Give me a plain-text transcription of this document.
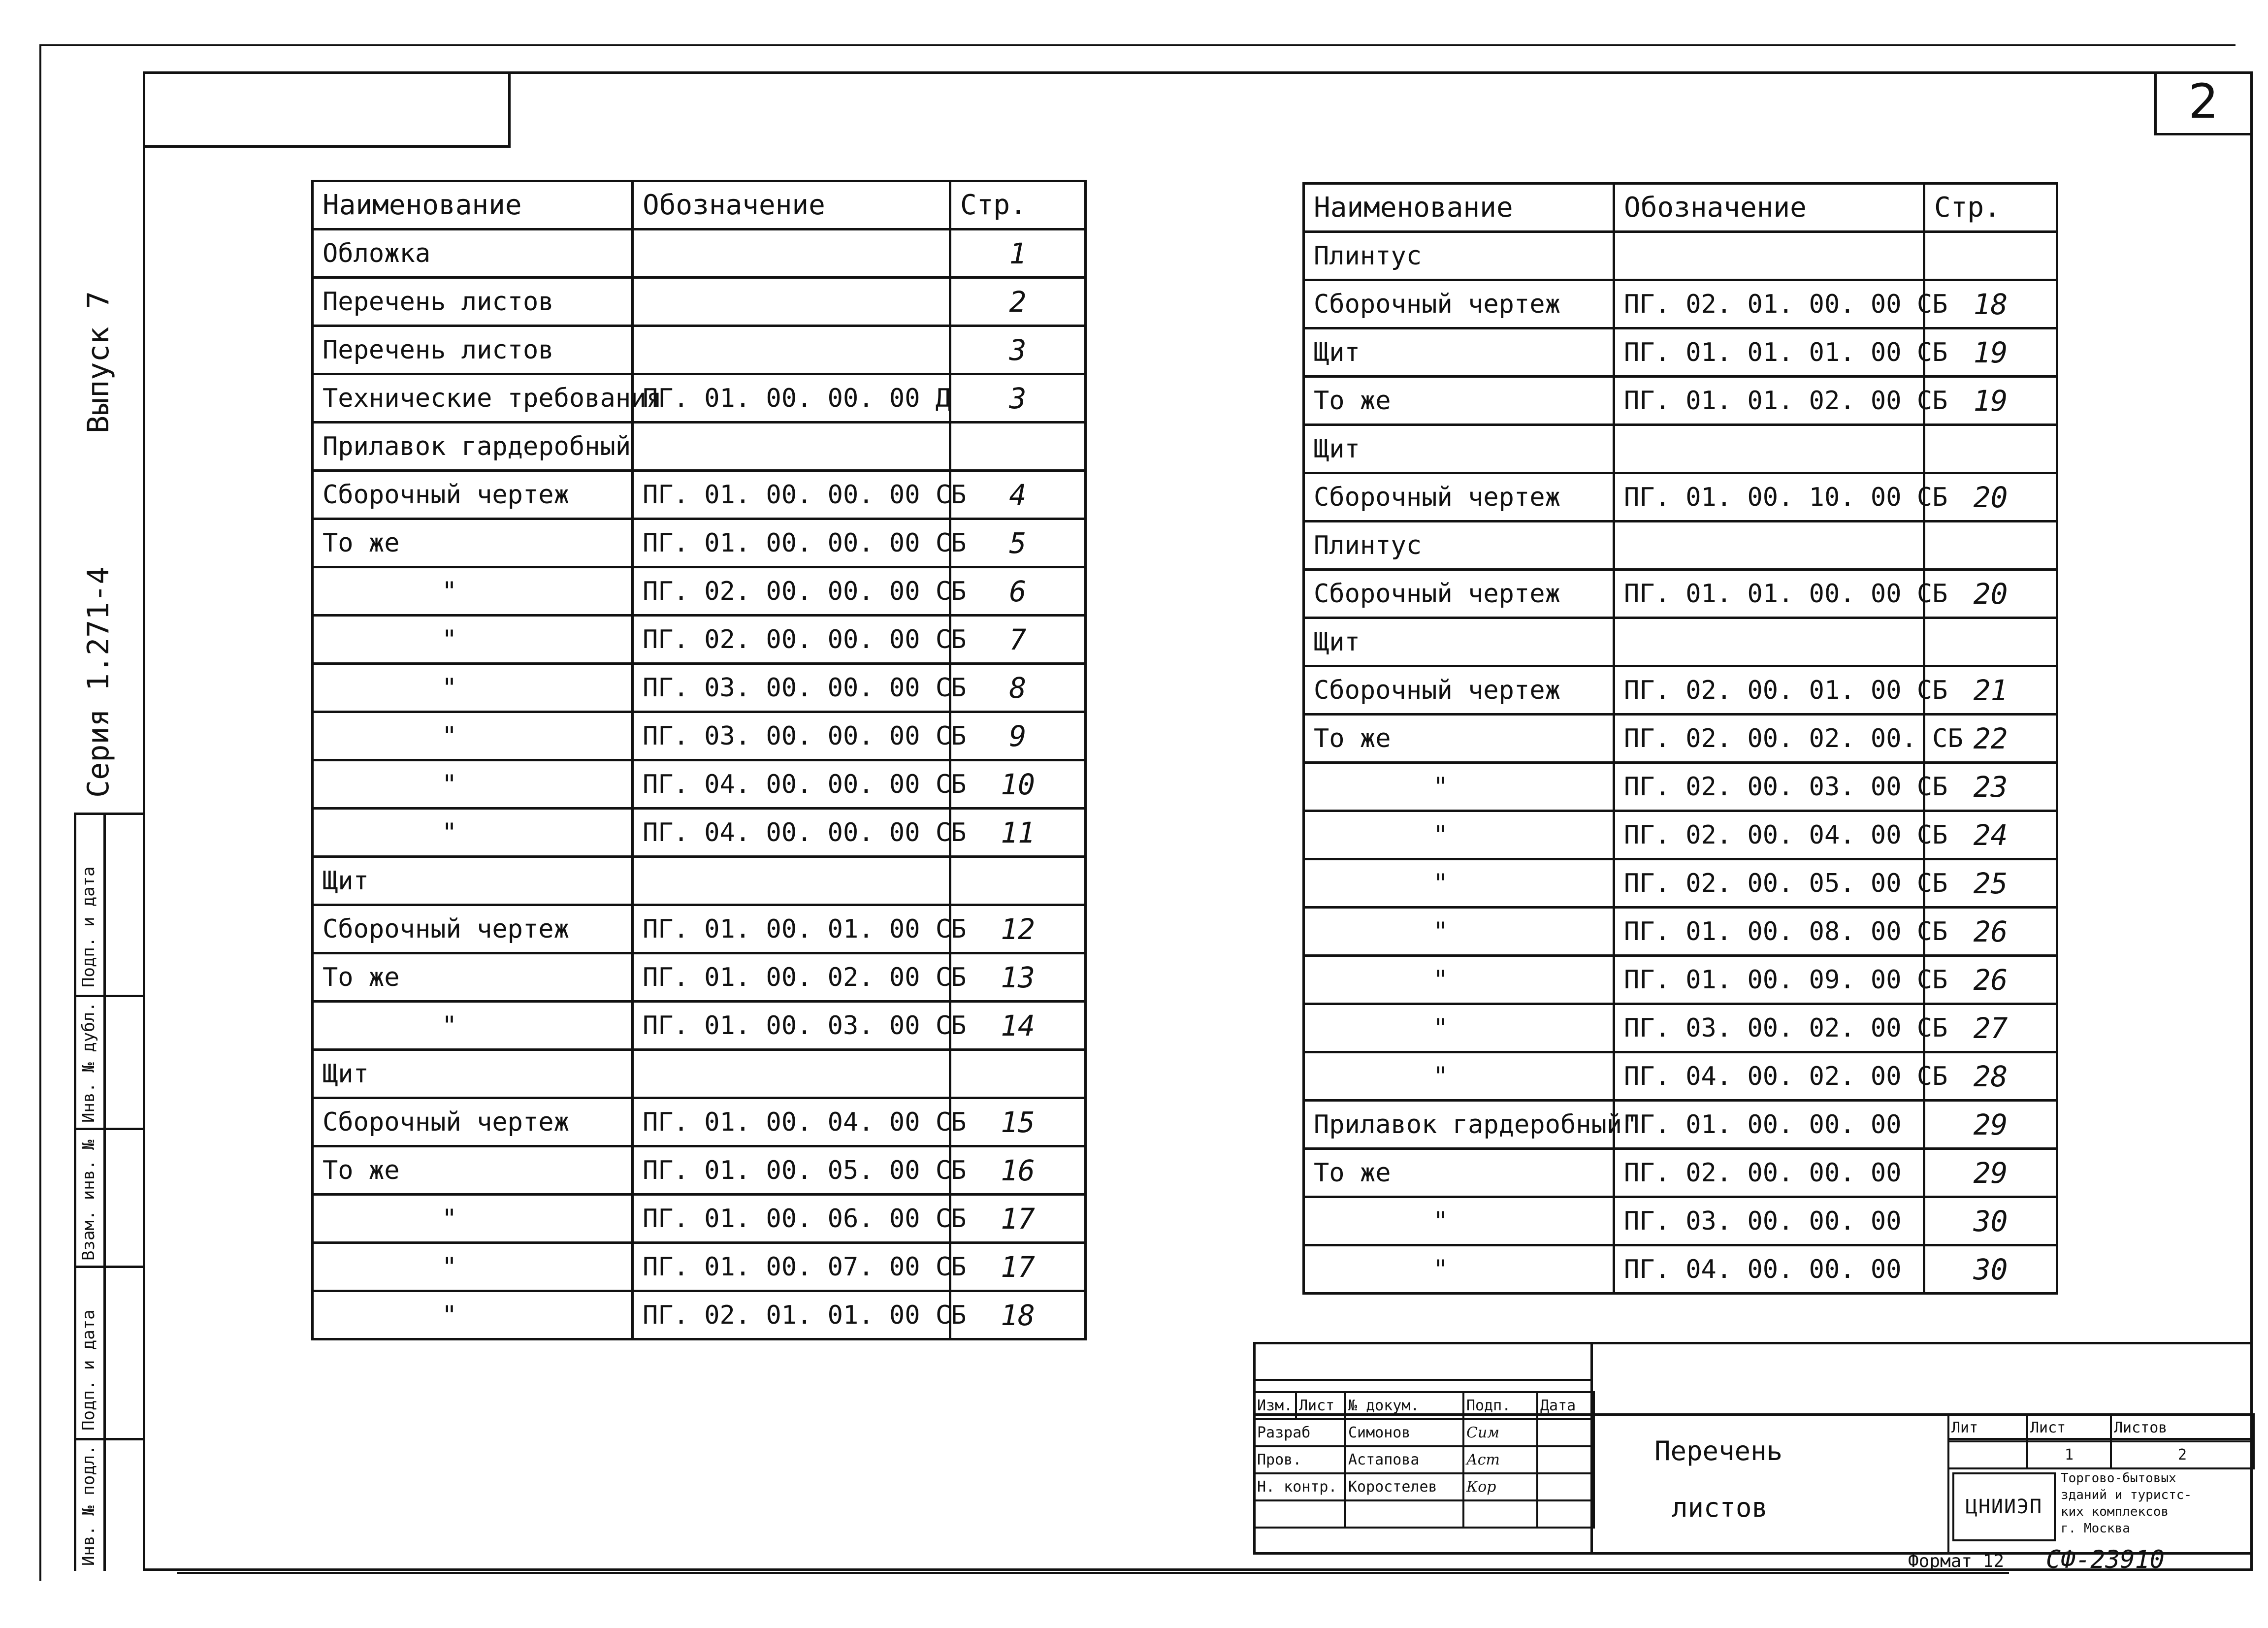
2
Выпуск 7
Серия 1.271-4
Подп. и дата
Инв. № дубл.
Взам. инв. №
Подп. и дата
Инв. № подл.
Наименование	Обозначение	Стр.
Обложка		1
Перечень листов		2
Перечень листов		3
Технические требования	ПГ. 01. 00. 00. 00 Д	3
Прилавок гардеробный		
Сборочный чертеж	ПГ. 01. 00. 00. 00 СБ	4
То же	ПГ. 01. 00. 00. 00 СБ	5
"	ПГ. 02. 00. 00. 00 СБ	6
"	ПГ. 02. 00. 00. 00 СБ	7
"	ПГ. 03. 00. 00. 00 СБ	8
"	ПГ. 03. 00. 00. 00 СБ	9
"	ПГ. 04. 00. 00. 00 СБ	10
"	ПГ. 04. 00. 00. 00 СБ	11
Щит		
Сборочный чертеж	ПГ. 01. 00. 01. 00 СБ	12
То же	ПГ. 01. 00. 02. 00 СБ	13
"	ПГ. 01. 00. 03. 00 СБ	14
Щит		
Сборочный чертеж	ПГ. 01. 00. 04. 00 СБ	15
То же	ПГ. 01. 00. 05. 00 СБ	16
"	ПГ. 01. 00. 06. 00 СБ	17
"	ПГ. 01. 00. 07. 00 СБ	17
"	ПГ. 02. 01. 01. 00 СБ	18
Наименование	Обозначение	Стр.
Плинтус		
Сборочный чертеж	ПГ. 02. 01. 00. 00 СБ	18
Щит	ПГ. 01. 01. 01. 00 СБ	19
То же	ПГ. 01. 01. 02. 00 СБ	19
Щит		
Сборочный чертеж	ПГ. 01. 00. 10. 00 СБ	20
Плинтус		
Сборочный чертеж	ПГ. 01. 01. 00. 00 СБ	20
Щит		
Сборочный чертеж	ПГ. 02. 00. 01. 00 СБ	21
То же	ПГ. 02. 00. 02. 00. СБ	22
"	ПГ. 02. 00. 03. 00 СБ	23
"	ПГ. 02. 00. 04. 00 СБ	24
"	ПГ. 02. 00. 05. 00 СБ	25
"	ПГ. 01. 00. 08. 00 СБ	26
"	ПГ. 01. 00. 09. 00 СБ	26
"	ПГ. 03. 00. 02. 00 СБ	27
"	ПГ. 04. 00. 02. 00 СБ	28
Прилавок гардеробный"	ПГ. 01. 00. 00. 00	29
То же	ПГ. 02. 00. 00. 00	29
"	ПГ. 03. 00. 00. 00	30
"	ПГ. 04. 00. 00. 00	30
Изм.	Лист	№ докум.	Подп.	Дата
Разраб		Симонов	Сим	
Пров.		Астапова	Аст	
Н. контр.		Коростелев	Кор	

Перечень
листов
Лит	Лист	Листов
	1	2
ЦНИИЭП
Торгово-бытовых
зданий и туристс-
ких комплексов
г. Москва
Формат 12 СФ-23910
